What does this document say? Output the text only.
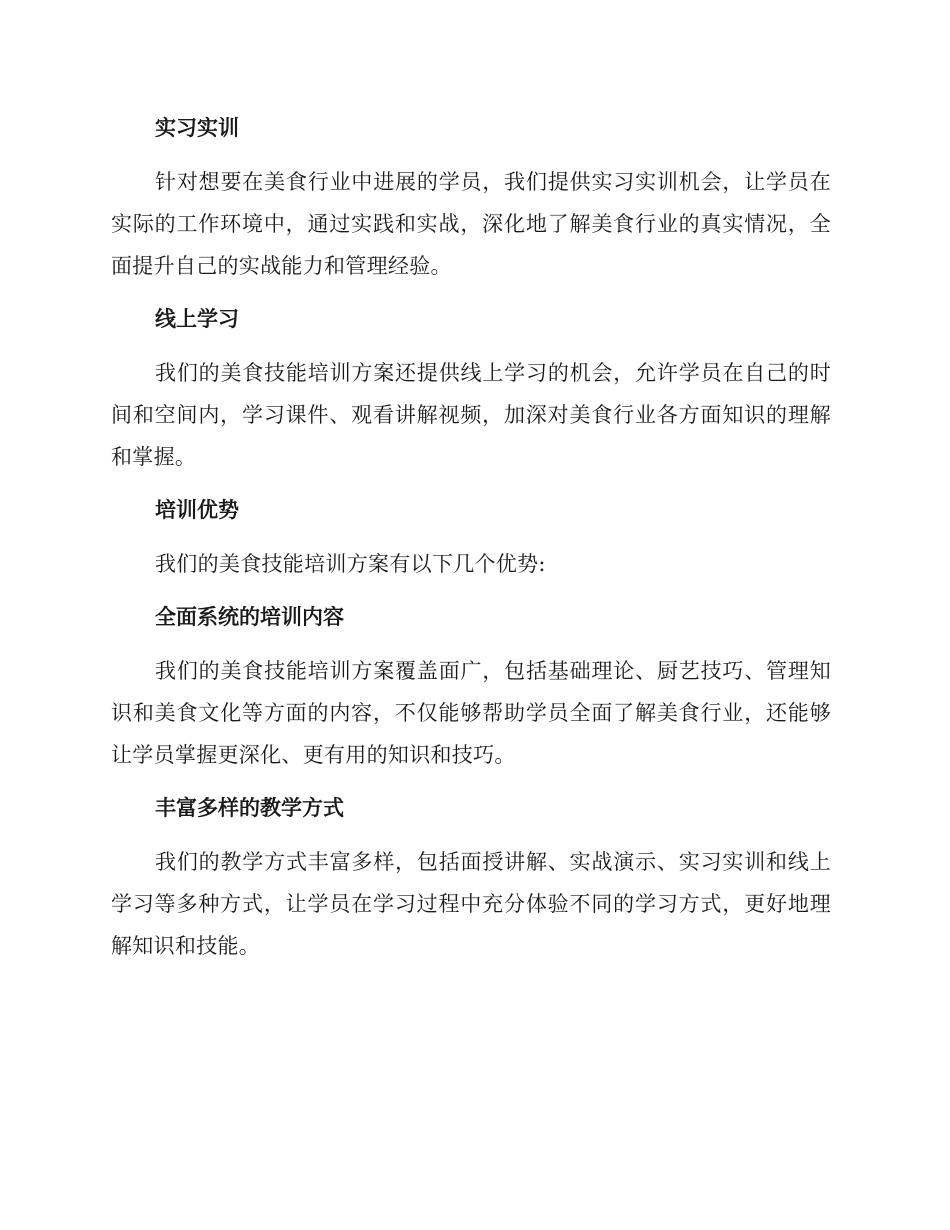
实习实训

针对想要在美食行业中进展的学员，我们提供实习实训机会，让学员在实际的工作环境中，通过实践和实战，深化地了解美食行业的真实情况，全面提升自己的实战能力和管理经验。

线上学习

我们的美食技能培训方案还提供线上学习的机会，允许学员在自己的时间和空间内，学习课件、观看讲解视频，加深对美食行业各方面知识的理解和掌握。

培训优势

我们的美食技能培训方案有以下几个优势:

全面系统的培训内容

我们的美食技能培训方案覆盖面广，包括基础理论、厨艺技巧、管理知识和美食文化等方面的内容，不仅能够帮助学员全面了解美食行业，还能够让学员掌握更深化、更有用的知识和技巧。

丰富多样的教学方式

我们的教学方式丰富多样，包括面授讲解、实战演示、实习实训和线上学习等多种方式，让学员在学习过程中充分体验不同的学习方式，更好地理解知识和技能。
